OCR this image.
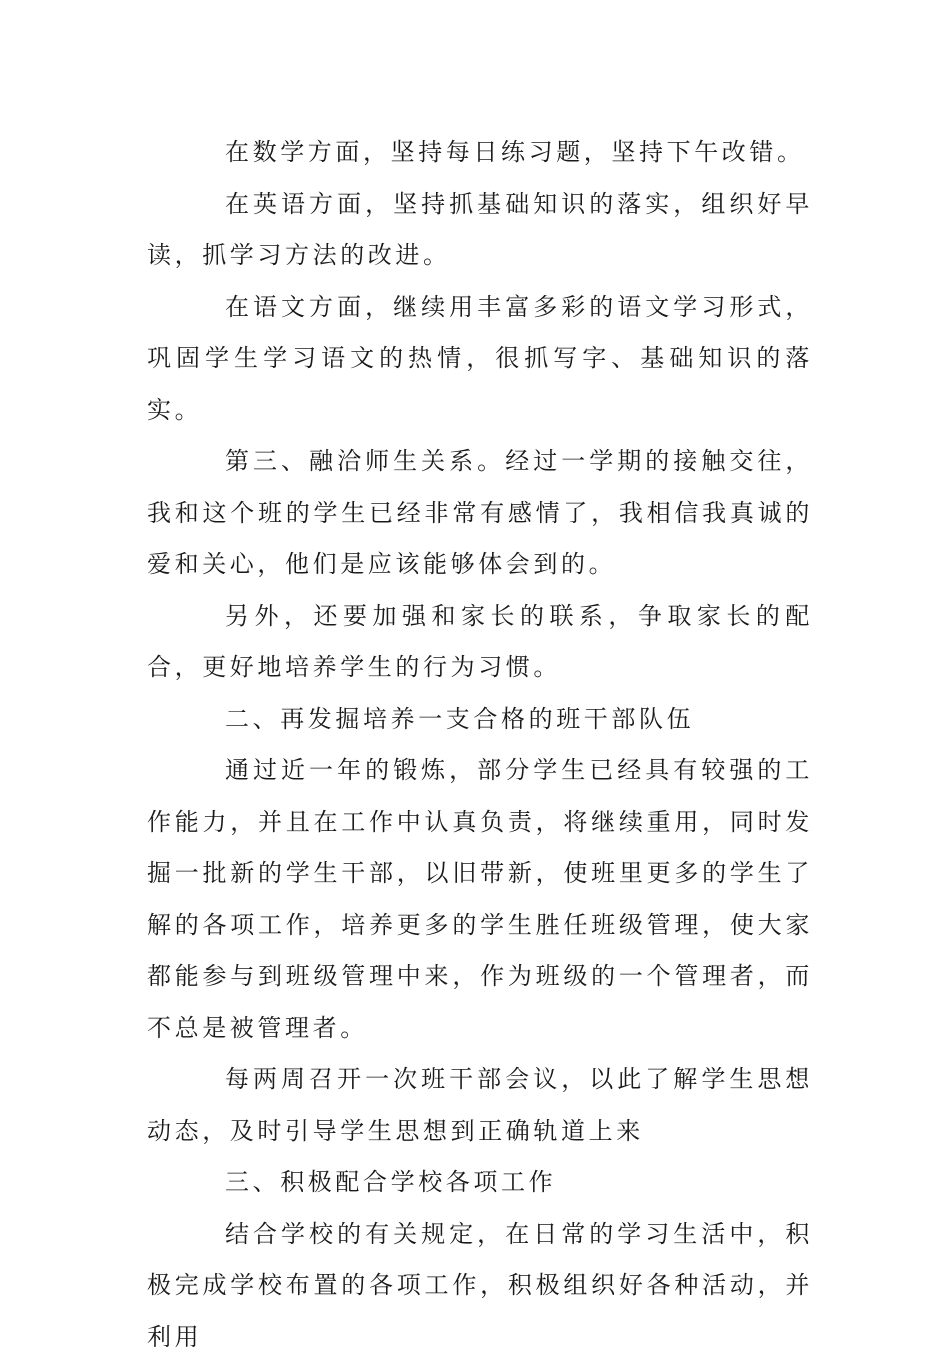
在数学方面，坚持每日练习题，坚持下午改错。

在英语方面，坚持抓基础知识的落实，组织好早读，抓学习方法的改进。

在语文方面，继续用丰富多彩的语文学习形式，巩固学生学习语文的热情，很抓写字、基础知识的落实。

第三、融洽师生关系。经过一学期的接触交往，我和这个班的学生已经非常有感情了，我相信我真诚的爱和关心，他们是应该能够体会到的。

另外，还要加强和家长的联系，争取家长的配合，更好地培养学生的行为习惯。

二、再发掘培养一支合格的班干部队伍

通过近一年的锻炼，部分学生已经具有较强的工作能力，并且在工作中认真负责，将继续重用，同时发掘一批新的学生干部，以旧带新，使班里更多的学生了解的各项工作，培养更多的学生胜任班级管理，使大家都能参与到班级管理中来，作为班级的一个管理者，而不总是被管理者。

每两周召开一次班干部会议，以此了解学生思想动态，及时引导学生思想到正确轨道上来

三、积极配合学校各项工作

结合学校的有关规定，在日常的学习生活中，积极完成学校布置的各项工作，积极组织好各种活动，并利用
